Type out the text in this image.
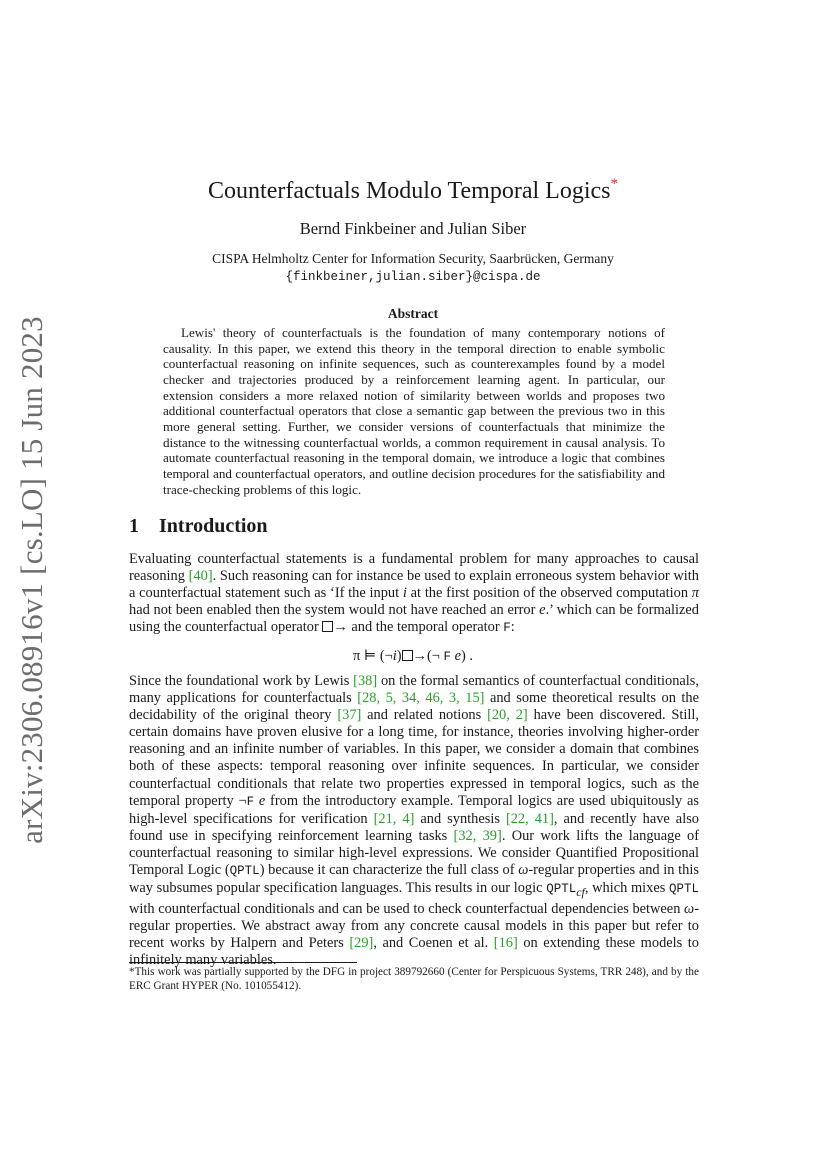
arXiv:2306.08916v1 [cs.LO] 15 Jun 2023
Counterfactuals Modulo Temporal Logics*
Bernd Finkbeiner and Julian Siber
CISPA Helmholtz Center for Information Security, Saarbrücken, Germany
{finkbeiner,julian.siber}@cispa.de
Abstract
Lewis' theory of counterfactuals is the foundation of many contemporary notions of causality. In this paper, we extend this theory in the temporal direction to enable symbolic counterfactual reasoning on infinite sequences, such as counterexamples found by a model checker and trajectories produced by a reinforcement learning agent. In particular, our extension considers a more relaxed notion of similarity between worlds and proposes two additional counterfactual operators that close a semantic gap between the previous two in this more general setting. Further, we consider versions of counterfactuals that minimize the distance to the witnessing counterfactual worlds, a common requirement in causal analysis. To automate counterfactual reasoning in the temporal domain, we introduce a logic that combines temporal and counterfactual operators, and outline decision procedures for the satisfiability and trace-checking problems of this logic.
1 Introduction
Evaluating counterfactual statements is a fundamental problem for many approaches to causal reasoning [40]. Such reasoning can for instance be used to explain erroneous system behavior with a counterfactual statement such as ‘If the input i at the first position of the observed computation π had not been enabled then the system would not have reached an error e.’ which can be formalized using the counterfactual operator → and the temporal operator F:
π ⊨ (¬i) →(¬ F e) .
Since the foundational work by Lewis [38] on the formal semantics of counterfactual conditionals, many applications for counterfactuals [28, 5, 34, 46, 3, 15] and some theoretical results on the decidability of the original theory [37] and related notions [20, 2] have been discovered. Still, certain domains have proven elusive for a long time, for instance, theories involving higher-order reasoning and an infinite number of variables. In this paper, we consider a domain that combines both of these aspects: temporal reasoning over infinite sequences. In particular, we consider counterfactual conditionals that relate two properties expressed in temporal logics, such as the temporal property ¬F e from the introductory example. Temporal logics are used ubiquitously as high-level specifications for verification [21, 4] and synthesis [22, 41], and recently have also found use in specifying reinforcement learning tasks [32, 39]. Our work lifts the language of counterfactual reasoning to similar high-level expressions. We consider Quantified Propositional Temporal Logic (QPTL) because it can characterize the full class of ω-regular properties and in this way subsumes popular specification languages. This results in our logic $QPTL_{cf}$, which mixes QPTL with counterfactual conditionals and can be used to check counterfactual dependencies between ω-regular properties. We abstract away from any concrete causal models in this paper but refer to recent works by Halpern and Peters [29], and Coenen et al. [16] on extending these models to infinitely many variables.
*This work was partially supported by the DFG in project 389792660 (Center for Perspicuous Systems, TRR 248), and by the ERC Grant HYPER (No. 101055412).
